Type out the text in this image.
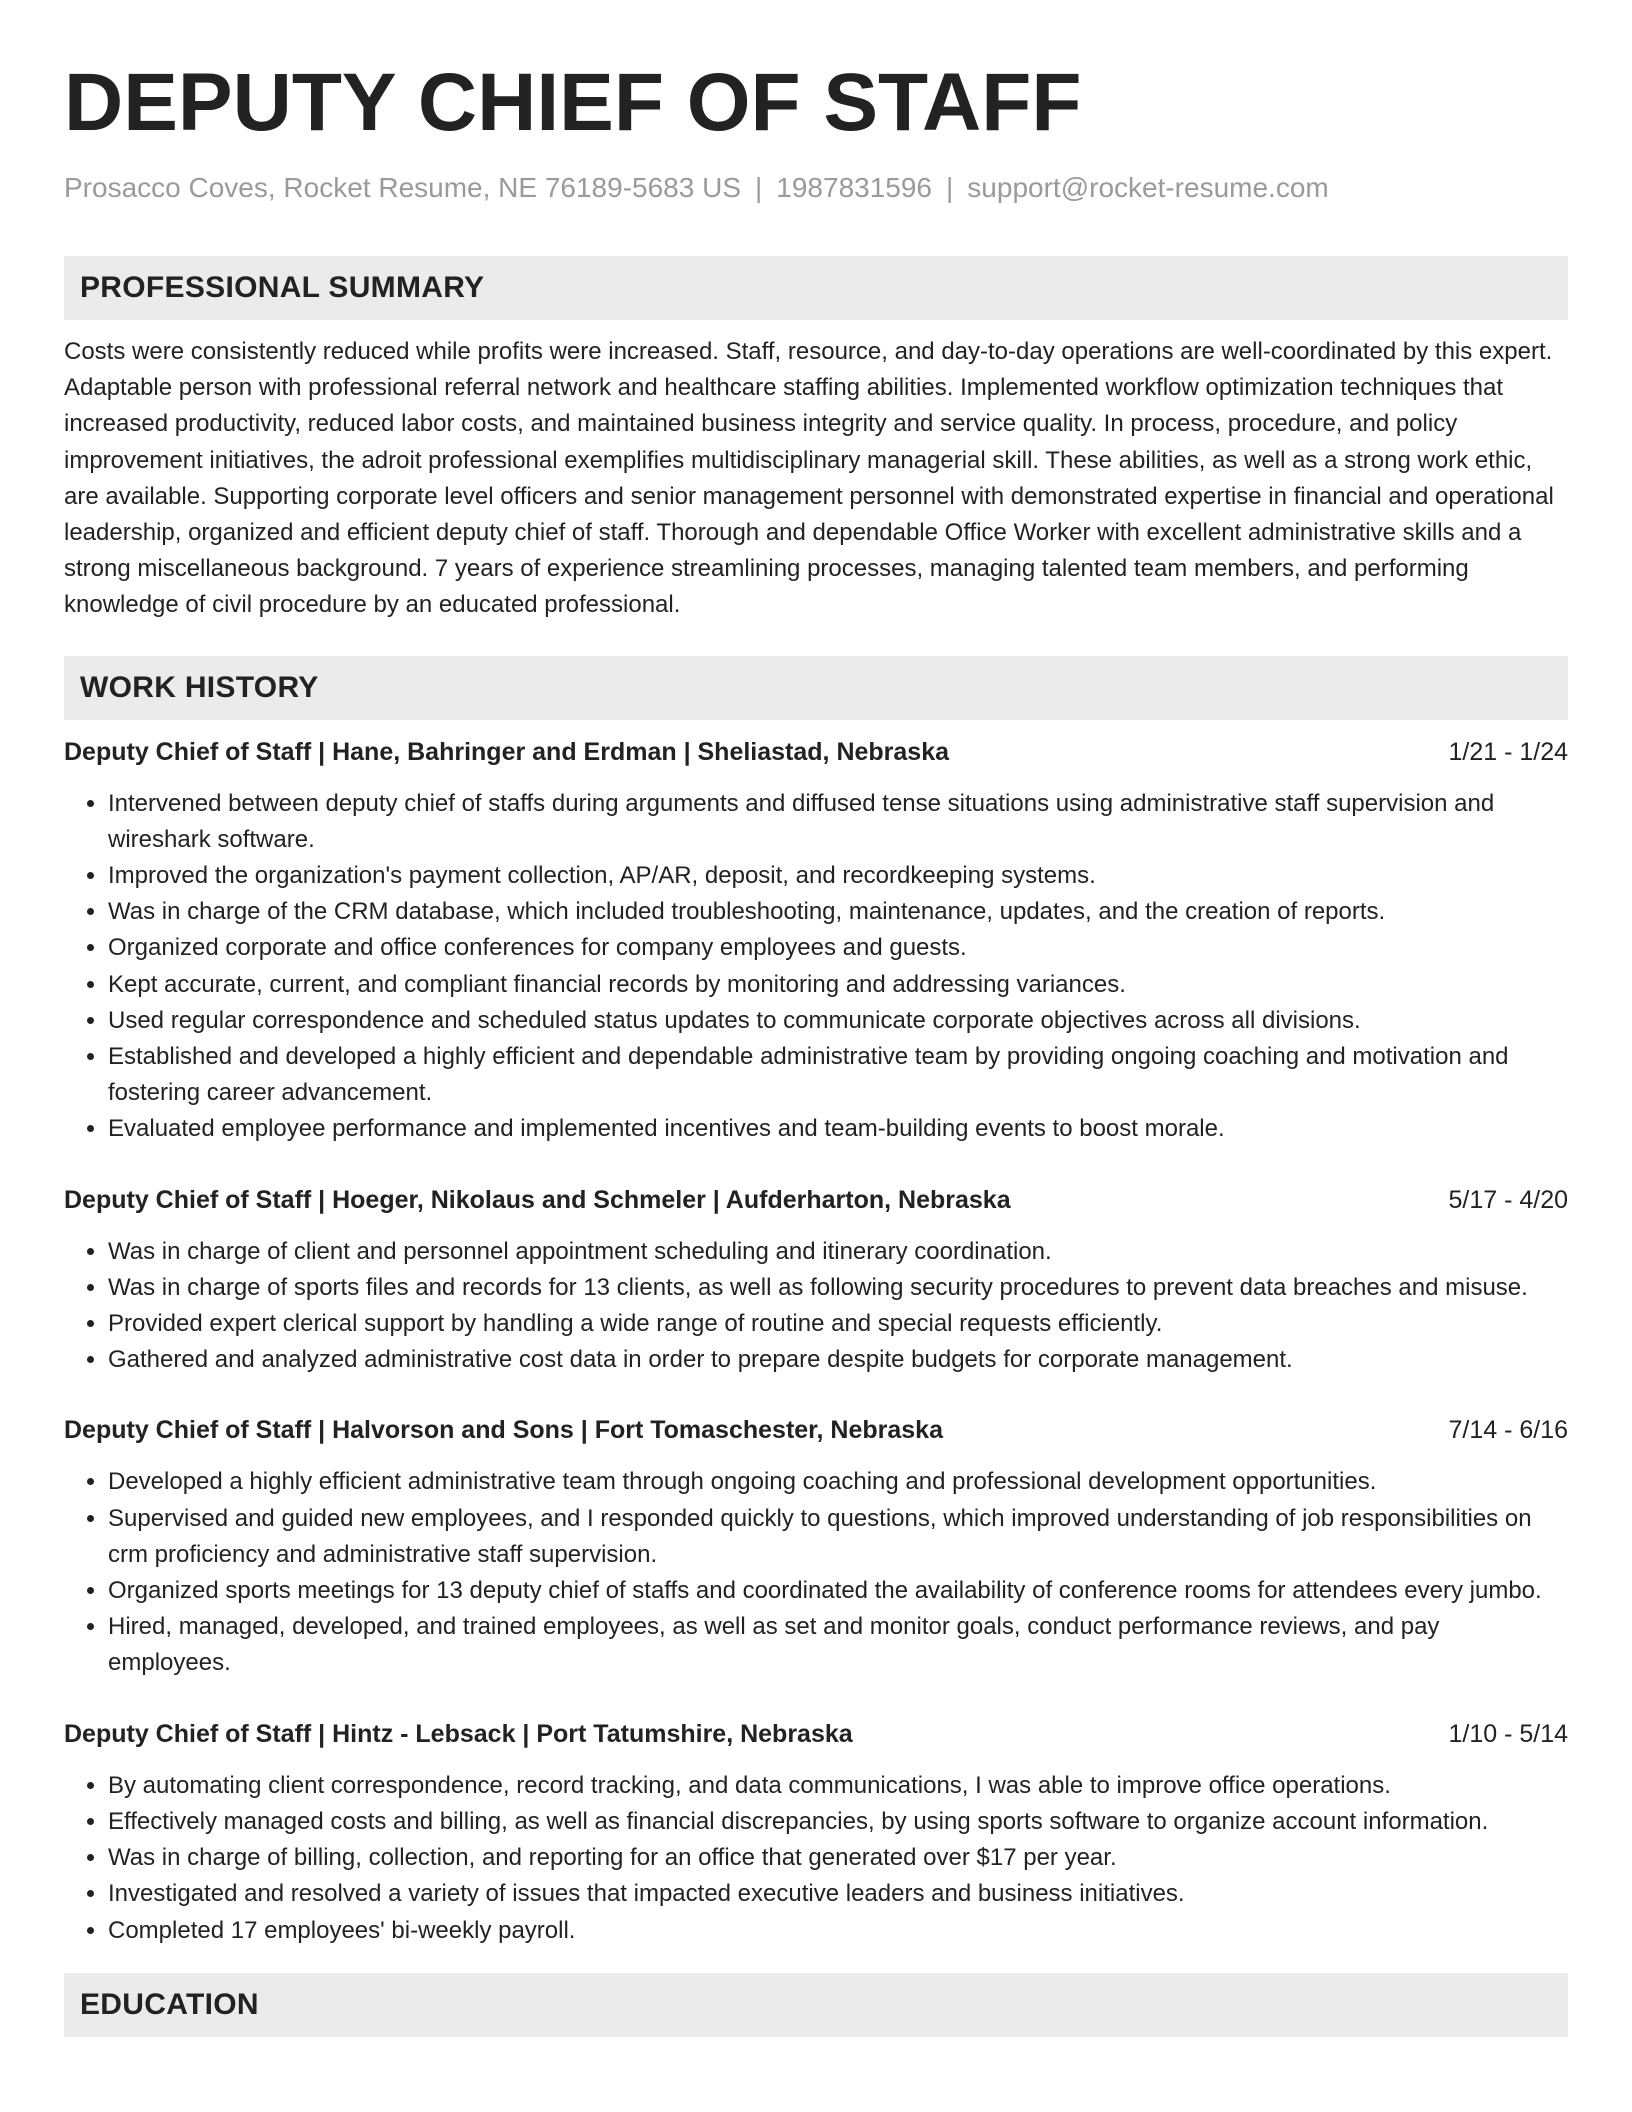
DEPUTY CHIEF OF STAFF
Prosacco Coves, Rocket Resume, NE 76189-5683 US | 1987831596 | support@rocket-resume.com
PROFESSIONAL SUMMARY
Costs were consistently reduced while profits were increased. Staff, resource, and day-to-day operations are well-coordinated by this expert. Adaptable person with professional referral network and healthcare staffing abilities. Implemented workflow optimization techniques that increased productivity, reduced labor costs, and maintained business integrity and service quality. In process, procedure, and policy improvement initiatives, the adroit professional exemplifies multidisciplinary managerial skill. These abilities, as well as a strong work ethic, are available. Supporting corporate level officers and senior management personnel with demonstrated expertise in financial and operational leadership, organized and efficient deputy chief of staff. Thorough and dependable Office Worker with excellent administrative skills and a strong miscellaneous background. 7 years of experience streamlining processes, managing talented team members, and performing knowledge of civil procedure by an educated professional.
WORK HISTORY
Deputy Chief of Staff | Hane, Bahringer and Erdman | Sheliastad, Nebraska	1/21 - 1/24
• Intervened between deputy chief of staffs during arguments and diffused tense situations using administrative staff supervision and wireshark software.
• Improved the organization's payment collection, AP/AR, deposit, and recordkeeping systems.
• Was in charge of the CRM database, which included troubleshooting, maintenance, updates, and the creation of reports.
• Organized corporate and office conferences for company employees and guests.
• Kept accurate, current, and compliant financial records by monitoring and addressing variances.
• Used regular correspondence and scheduled status updates to communicate corporate objectives across all divisions.
• Established and developed a highly efficient and dependable administrative team by providing ongoing coaching and motivation and fostering career advancement.
• Evaluated employee performance and implemented incentives and team-building events to boost morale.
Deputy Chief of Staff | Hoeger, Nikolaus and Schmeler | Aufderharton, Nebraska	5/17 - 4/20
• Was in charge of client and personnel appointment scheduling and itinerary coordination.
• Was in charge of sports files and records for 13 clients, as well as following security procedures to prevent data breaches and misuse.
• Provided expert clerical support by handling a wide range of routine and special requests efficiently.
• Gathered and analyzed administrative cost data in order to prepare despite budgets for corporate management.
Deputy Chief of Staff | Halvorson and Sons | Fort Tomaschester, Nebraska	7/14 - 6/16
• Developed a highly efficient administrative team through ongoing coaching and professional development opportunities.
• Supervised and guided new employees, and I responded quickly to questions, which improved understanding of job responsibilities on crm proficiency and administrative staff supervision.
• Organized sports meetings for 13 deputy chief of staffs and coordinated the availability of conference rooms for attendees every jumbo.
• Hired, managed, developed, and trained employees, as well as set and monitor goals, conduct performance reviews, and pay employees.
Deputy Chief of Staff | Hintz - Lebsack | Port Tatumshire, Nebraska	1/10 - 5/14
• By automating client correspondence, record tracking, and data communications, I was able to improve office operations.
• Effectively managed costs and billing, as well as financial discrepancies, by using sports software to organize account information.
• Was in charge of billing, collection, and reporting for an office that generated over $17 per year.
• Investigated and resolved a variety of issues that impacted executive leaders and business initiatives.
• Completed 17 employees' bi-weekly payroll.
EDUCATION
